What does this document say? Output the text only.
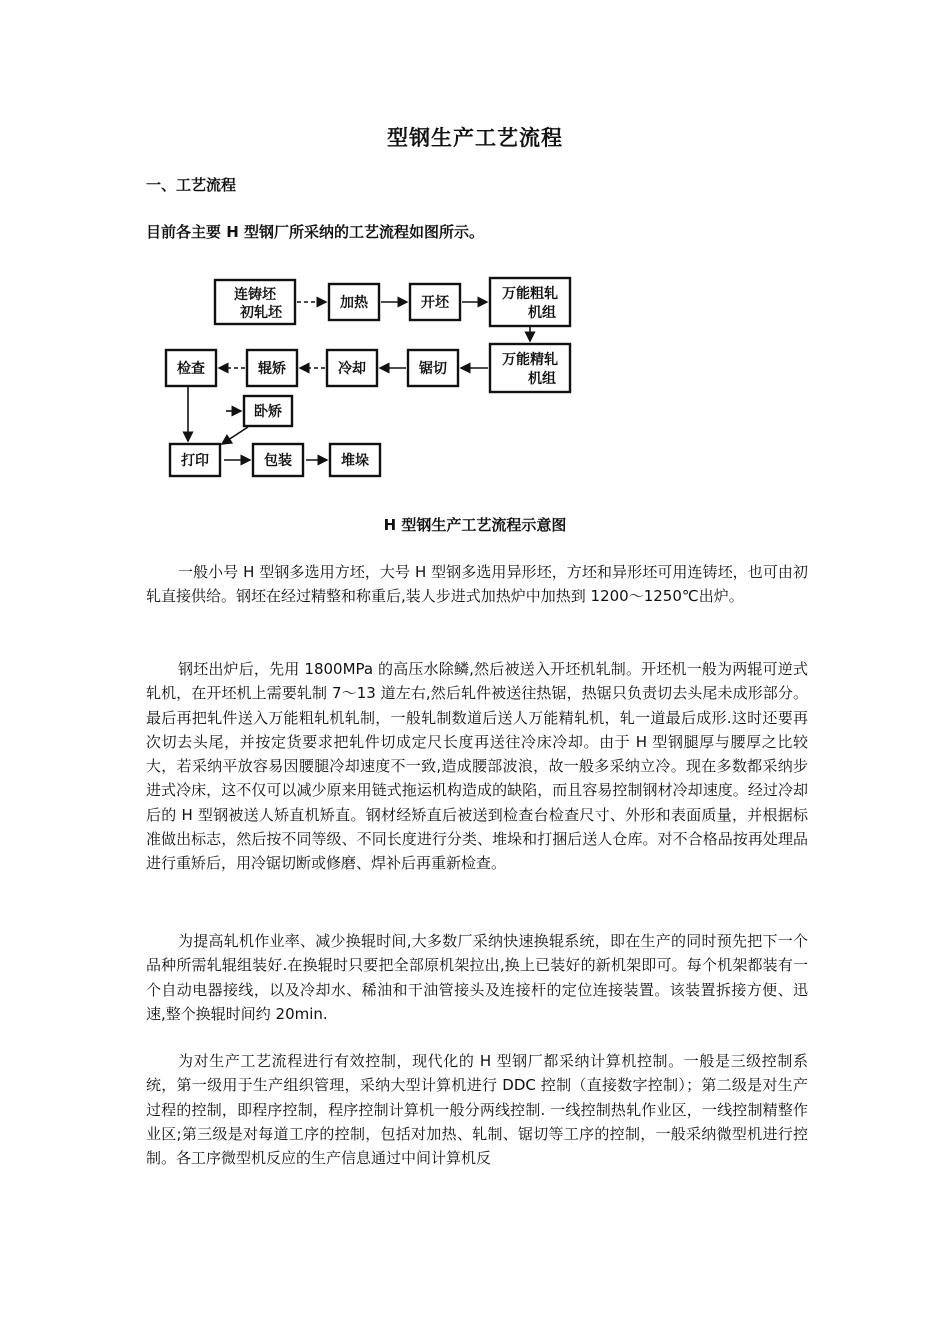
型钢生产工艺流程
一、工艺流程
目前各主要 H 型钢厂所采纳的工艺流程如图所示。
连铸坯
初轧坯
加热	开坯
万能粗轧
机组
万能精轧
机组
锯切
冷却
辊矫
检查
卧矫
打印	包装	堆垛
H 型钢生产工艺流程示意图

一般小号 H 型钢多选用方坯，大号 H 型钢多选用异形坯，方坯和异形坯可用连铸坯，也可由初轧直接供给。钢坯在经过精整和称重后,装人步进式加热炉中加热到 1200～1250℃出炉。

钢坯出炉后，先用 1800MPa 的高压水除鳞,然后被送入开坯机轧制。开坯机一般为两辊可逆式轧机，在开坯机上需要轧制 7～13 道左右,然后轧件被送往热锯，热锯只负责切去头尾未成形部分。最后再把轧件送入万能粗轧机轧制，一般轧制数道后送人万能精轧机，轧一道最后成形.这时还要再次切去头尾，并按定货要求把轧件切成定尺长度再送往冷床冷却。由于 H 型钢腿厚与腰厚之比较大，若采纳平放容易因腰腿冷却速度不一致,造成腰部波浪，故一般多采纳立冷。现在多数都采纳步进式冷床，这不仅可以减少原来用链式拖运机构造成的缺陷，而且容易控制钢材冷却速度。经过冷却后的 H 型钢被送人矫直机矫直。钢材经矫直后被送到检查台检查尺寸、外形和表面质量，并根据标准做出标志，然后按不同等级、不同长度进行分类、堆垛和打捆后送人仓库。对不合格品按再处理品进行重矫后，用冷锯切断或修磨、焊补后再重新检查。

为提高轧机作业率、减少换辊时间,大多数厂采纳快速换辊系统，即在生产的同时预先把下一个品种所需轧辊组装好.在换辊时只要把全部原机架拉出,换上已装好的新机架即可。每个机架都装有一个自动电器接线，以及冷却水、稀油和干油管接头及连接杆的定位连接装置。该装置拆接方便、迅速,整个换辊时间约 20min.

为对生产工艺流程进行有效控制，现代化的 H 型钢厂都采纳计算机控制。一般是三级控制系统，第一级用于生产组织管理，采纳大型计算机进行 DDC 控制（直接数字控制）；第二级是对生产过程的控制，即程序控制，程序控制计算机一般分两线控制. 一线控制热轧作业区，一线控制精整作业区;第三级是对每道工序的控制，包括对加热、轧制、锯切等工序的控制，一般采纳微型机进行控制。各工序微型机反应的生产信息通过中间计算机反
